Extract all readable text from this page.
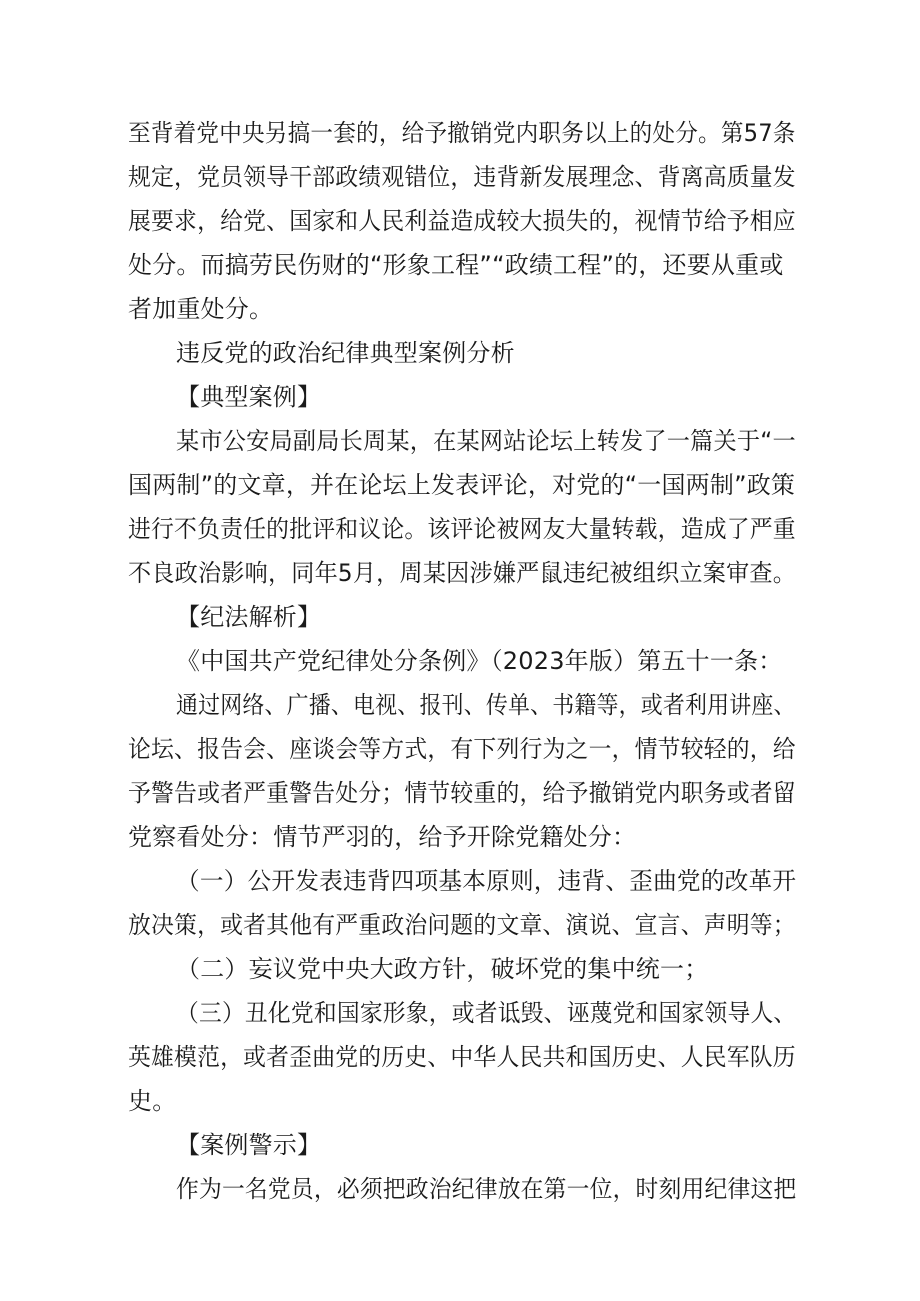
至背着党中央另搞一套的，给予撤销党内职务以上的处分。第57条
规定，党员领导干部政绩观错位，违背新发展理念、背离高质量发
展要求，给党、国家和人民利益造成较大损失的，视情节给予相应
处分。而搞劳民伤财的“形象工程”“政绩工程”的，还要从重或
者加重处分。
违反党的政治纪律典型案例分析
【典型案例】
某市公安局副局长周某，在某网站论坛上转发了一篇关于“一
国两制”的文章，并在论坛上发表评论，对党的“一国两制”政策
进行不负责任的批评和议论。该评论被网友大量转载，造成了严重
不良政治影响，同年5月，周某因涉嫌严鼠违纪被组织立案审查。
【纪法解析】
《中国共产党纪律处分条例》（2023年版）第五十一条：
通过网络、广播、电视、报刊、传单、书籍等，或者利用讲座、
论坛、报告会、座谈会等方式，有下列行为之一，情节较轻的，给
予警告或者严重警告处分；情节较重的，给予撤销党内职务或者留
党察看处分：情节严羽的，给予开除党籍处分：
（一）公开发表违背四项基本原则，违背、歪曲党的改革开
放决策，或者其他有严重政治问题的文章、演说、宣言、声明等；
（二）妄议党中央大政方针，破坏党的集中统一；
（三）丑化党和国家形象，或者诋毁、诬蔑党和国家领导人、
英雄模范，或者歪曲党的历史、中华人民共和国历史、人民军队历
史。
【案例警示】
作为一名党员，必须把政治纪律放在第一位，时刻用纪律这把
